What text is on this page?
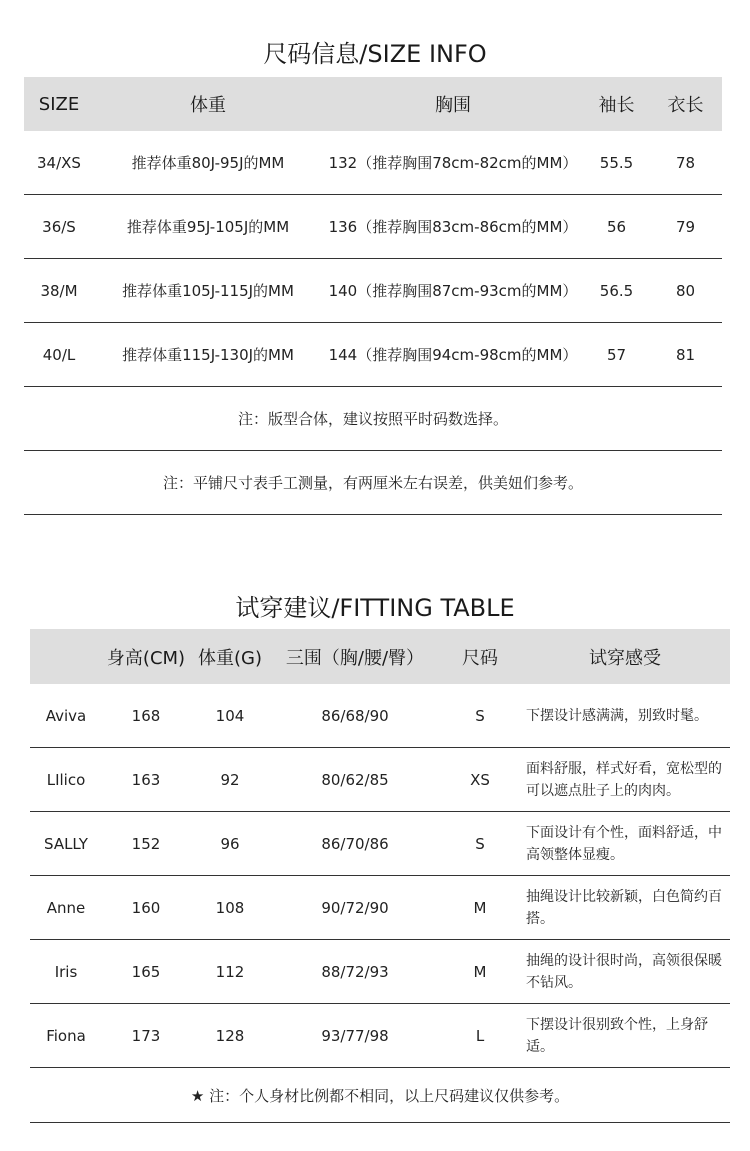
尺码信息/SIZE INFO
SIZE	体重	胸围	袖长	衣长
34/XS	推荐体重80J-95J的MM	132（推荐胸围78cm-82cm的MM）	55.5	78
36/S	推荐体重95J-105J的MM	136（推荐胸围83cm-86cm的MM）	56	79
38/M	推荐体重105J-115J的MM	140（推荐胸围87cm-93cm的MM）	56.5	80
40/L	推荐体重115J-130J的MM	144（推荐胸围94cm-98cm的MM）	57	81
注：版型合体，建议按照平时码数选择。				
注：平铺尺寸表手工测量，有两厘米左右误差，供美妞们参考。				
试穿建议/FITTING TABLE
	身高(CM)	体重(G)	三围（胸/腰/臀）	尺码	试穿感受
Aviva	168	104	86/68/90	S	下摆设计感满满，别致时髦。
LIlico	163	92	80/62/85	XS	面料舒服，样式好看，宽松型的可以遮点肚子上的肉肉。
SALLY	152	96	86/70/86	S	下面设计有个性，面料舒适，中高领整体显瘦。
Anne	160	108	90/72/90	M	抽绳设计比较新颖，白色简约百搭。
Iris	165	112	88/72/93	M	抽绳的设计很时尚，高领很保暖不钻风。
Fiona	173	128	93/77/98	L	下摆设计很别致个性，上身舒适。
★ 注：个人身材比例都不相同，以上尺码建议仅供参考。					
